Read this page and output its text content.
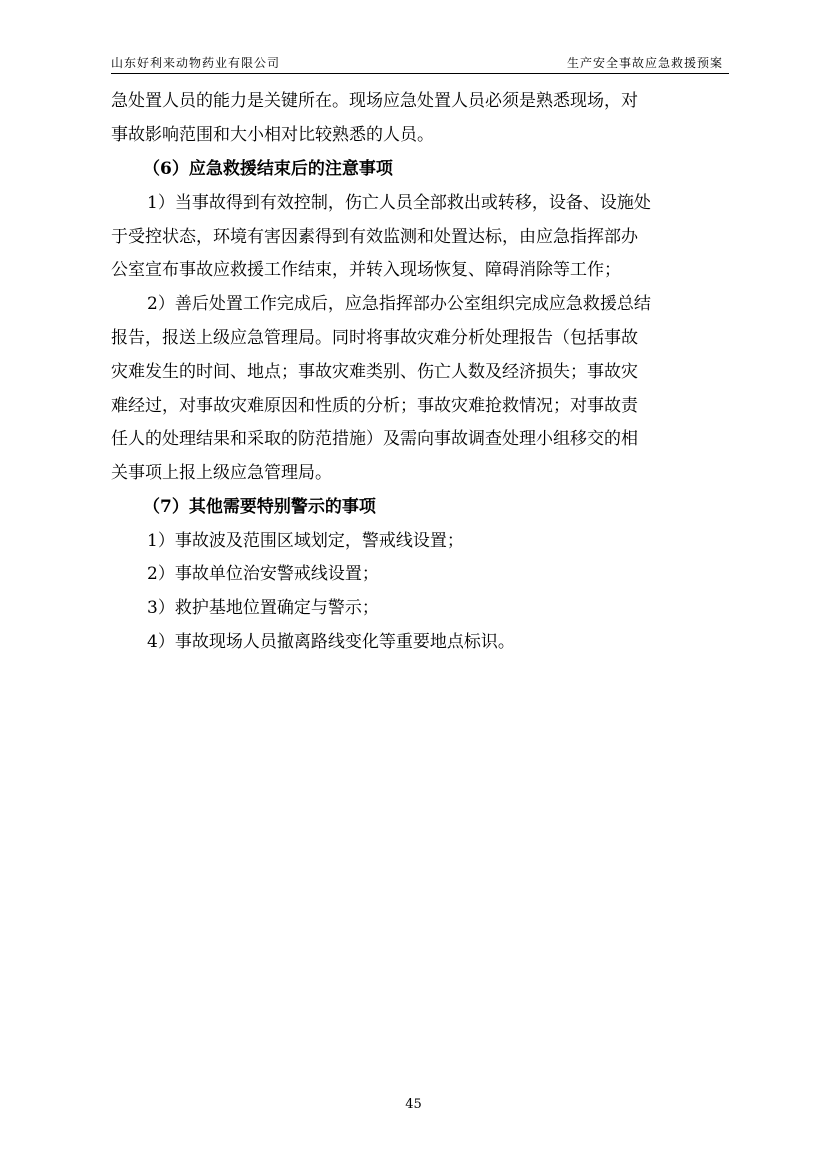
山东好利来动物药业有限公司	生产安全事故应急救援预案
急处置人员的能力是关键所在。现场应急处置人员必须是熟悉现场，对
事故影响范围和大小相对比较熟悉的人员。
（6）应急救援结束后的注意事项
1）当事故得到有效控制，伤亡人员全部救出或转移，设备、设施处
于受控状态，环境有害因素得到有效监测和处置达标，由应急指挥部办
公室宣布事故应救援工作结束，并转入现场恢复、障碍消除等工作；
2）善后处置工作完成后，应急指挥部办公室组织完成应急救援总结
报告，报送上级应急管理局。同时将事故灾难分析处理报告（包括事故
灾难发生的时间、地点；事故灾难类别、伤亡人数及经济损失；事故灾
难经过，对事故灾难原因和性质的分析；事故灾难抢救情况；对事故责
任人的处理结果和采取的防范措施）及需向事故调查处理小组移交的相
关事项上报上级应急管理局。
（7）其他需要特别警示的事项
1）事故波及范围区域划定，警戒线设置；
2）事故单位治安警戒线设置；
3）救护基地位置确定与警示；
4）事故现场人员撤离路线变化等重要地点标识。
45
